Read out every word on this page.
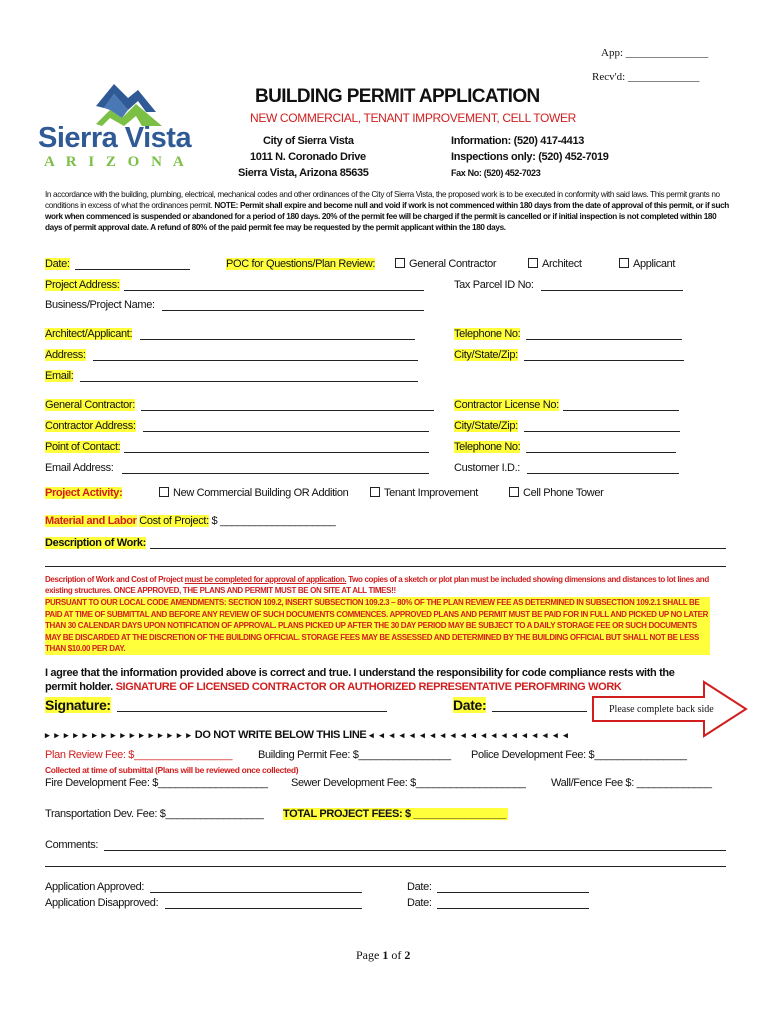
App: _______________
Recv'd: _____________
Sierra Vista
A R I Z O N A
BUILDING PERMIT APPLICATION
NEW COMMERCIAL, TENANT IMPROVEMENT, CELL TOWER
City of Sierra Vista
1011 N. Coronado Drive
Sierra Vista, Arizona 85635
Information: (520) 417-4413
Inspections only: (520) 452-7019
Fax No: (520) 452-7023
In accordance with the building, plumbing, electrical, mechanical codes and other ordinances of the City of Sierra Vista, the proposed work is to be executed in conformity with said laws. This permit grants no conditions in excess of what the ordinances permit. NOTE: Permit shall expire and become null and void if work is not commenced within 180 days from the date of approval of this permit, or if such work when commenced is suspended or abandoned for a period of 180 days. 20% of the permit fee will be charged if the permit is cancelled or if initial inspection is not completed within 180 days of permit approval date. A refund of 80% of the paid permit fee may be requested by the permit applicant within the 180 days.
Date:	POC for Questions/Plan Review:	General Contractor	Architect	Applicant
Project Address:	Tax Parcel ID No:
Business/Project Name:
Architect/Applicant:	Telephone No:
Address:	City/State/Zip:
Email:
General Contractor:	Contractor License No:
Contractor Address:	City/State/Zip:
Point of Contact:	Telephone No:
Email Address:	Customer I.D.:
Project Activity:	New Commercial Building OR Addition	Tenant Improvement	Cell Phone Tower
Material and Labor Cost of Project: $ ____________________
Description of Work:
Description of Work and Cost of Project must be completed for approval of application. Two copies of a sketch or plot plan must be included showing dimensions and distances to lot lines and existing structures. ONCE APPROVED, THE PLANS AND PERMIT MUST BE ON SITE AT ALL TIMES!!
PURSUANT TO OUR LOCAL CODE AMENDMENTS: SECTION 109.2, INSERT SUBSECTION 109.2.3 – 80% OF THE PLAN REVIEW FEE AS DETERMINED IN SUBSECTION 109.2.1 SHALL BE PAID AT TIME OF SUBMITTAL AND BEFORE ANY REVIEW OF SUCH DOCUMENTS COMMENCES. APPROVED PLANS AND PERMIT MUST BE PAID FOR IN FULL AND PICKED UP NO LATER THAN 30 CALENDAR DAYS UPON NOTIFICATION OF APPROVAL. PLANS PICKED UP AFTER THE 30 DAY PERIOD MAY BE SUBJECT TO A DAILY STORAGE FEE OR SUCH DOCUMENTS MAY BE DISCARDED AT THE DISCRETION OF THE BUILDING OFFICIAL. STORAGE FEES MAY BE ASSESSED AND DETERMINED BY THE BUILDING OFFICIAL BUT SHALL NOT BE LESS THAN $10.00 PER DAY.
I agree that the information provided above is correct and true. I understand the responsibility for code compliance rests with the permit holder. SIGNATURE OF LICENSED CONTRACTOR OR AUTHORIZED REPRESENTATIVE PEROFMRING WORK
Signature:	Date:	Please complete back side
▸ ▸ ▸ ▸ ▸ ▸ ▸ ▸ ▸ ▸ ▸ ▸ ▸ ▸ ▸ ▸ DO NOT WRITE BELOW THIS LINE ◂ ◂ ◂ ◂ ◂ ◂ ◂ ◂ ◂ ◂ ◂ ◂ ◂ ◂ ◂ ◂ ◂ ◂ ◂ ◂
Plan Review Fee: $_________________ Building Permit Fee: $________________ Police Development Fee: $________________
Collected at time of submittal (Plans will be reviewed once collected)
Fire Development Fee: $___________________ Sewer Development Fee: $___________________ Wall/Fence Fee $: _____________
Transportation Dev. Fee: $_________________ TOTAL PROJECT FEES: $ ________________
Comments:
Application Approved:	Date:
Application Disapproved:	Date:
Page 1 of 2
